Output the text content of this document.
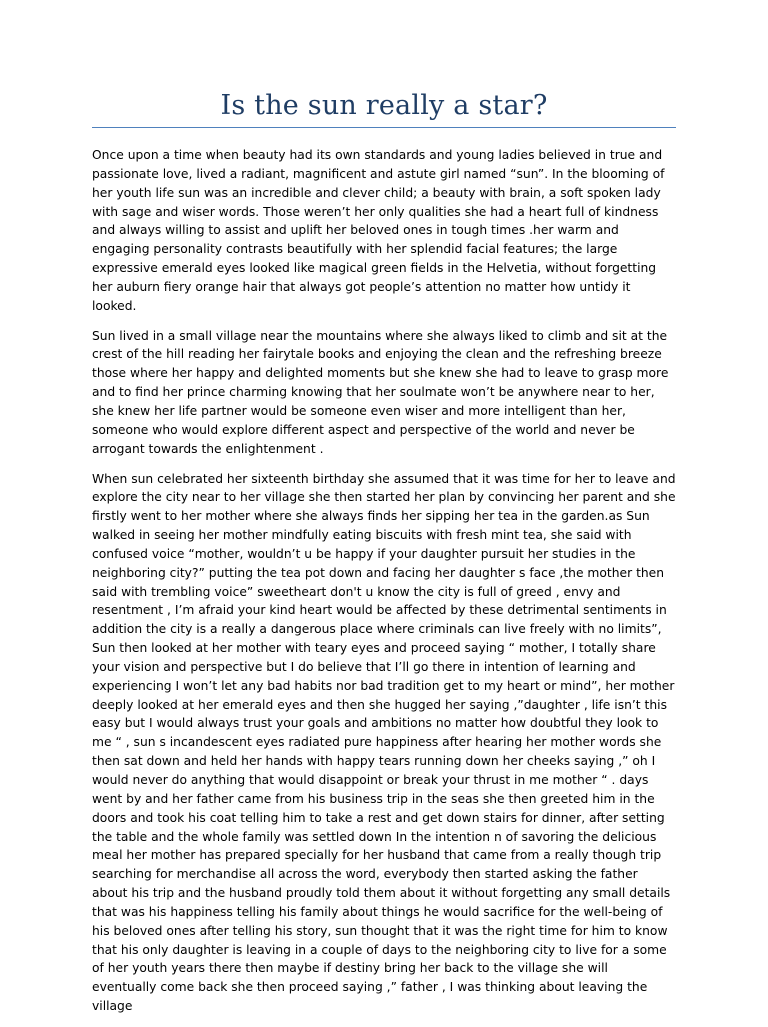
Is the sun really a star?

Once upon a time when beauty had its own standards and young ladies believed in true and passionate love, lived a radiant, magnificent and astute girl named “sun”. In the blooming of her youth life sun was an incredible and clever child; a beauty with brain, a soft spoken lady with sage and wiser words. Those weren’t her only qualities she had a heart full of kindness and always willing to assist and uplift her beloved ones in tough times .her warm and engaging personality contrasts beautifully with her splendid facial features; the large expressive emerald eyes looked like magical green fields in the Helvetia, without forgetting her auburn fiery orange hair that always got people’s attention no matter how untidy it looked.

Sun lived in a small village near the mountains where she always liked to climb and sit at the crest of the hill reading her fairytale books and enjoying the clean and the refreshing breeze those where her happy and delighted moments but she knew she had to leave to grasp more and to find her prince charming knowing that her soulmate won’t be anywhere near to her, she knew her life partner would be someone even wiser and more intelligent than her, someone who would explore different aspect and perspective of the world and never be arrogant towards the enlightenment .

When sun celebrated her sixteenth birthday she assumed that it was time for her to leave and explore the city near to her village she then started her plan by convincing her parent and she firstly went to her mother where she always finds her sipping her tea in the garden.as Sun walked in seeing her mother mindfully eating biscuits with fresh mint tea, she said with confused voice “mother, wouldn’t u be happy if your daughter pursuit her studies in the neighboring city?” putting the tea pot down and facing her daughter s face ,the mother then said with trembling voice” sweetheart don't u know the city is full of greed , envy and resentment , I’m afraid your kind heart would be affected by these detrimental sentiments in addition the city is a really a dangerous place where criminals can live freely with no limits”, Sun then looked at her mother with teary eyes and proceed saying “ mother, I totally share your vision and perspective but I do believe that I’ll go there in intention of learning and experiencing I won’t let any bad habits nor bad tradition get to my heart or mind”, her mother deeply looked at her emerald eyes and then she hugged her saying ,”daughter , life isn’t this easy but I would always trust your goals and ambitions no matter how doubtful they look to me “ , sun s incandescent eyes radiated pure happiness after hearing her mother words she then sat down and held her hands with happy tears running down her cheeks saying ,” oh I would never do anything that would disappoint or break your thrust in me mother “ . days went by and her father came from his business trip in the seas she then greeted him in the doors and took his coat telling him to take a rest and get down stairs for dinner, after setting the table and the whole family was settled down In the intention n of savoring the delicious meal her mother has prepared specially for her husband that came from a really though trip searching for merchandise all across the word, everybody then started asking the father about his trip and the husband proudly told them about it without forgetting any small details that was his happiness telling his family about things he would sacrifice for the well-being of his beloved ones after telling his story, sun thought that it was the right time for him to know that his only daughter is leaving in a couple of days to the neighboring city to live for a some of her youth years there then maybe if destiny bring her back to the village she will eventually come back she then proceed saying ,” father , I was thinking about leaving the village
